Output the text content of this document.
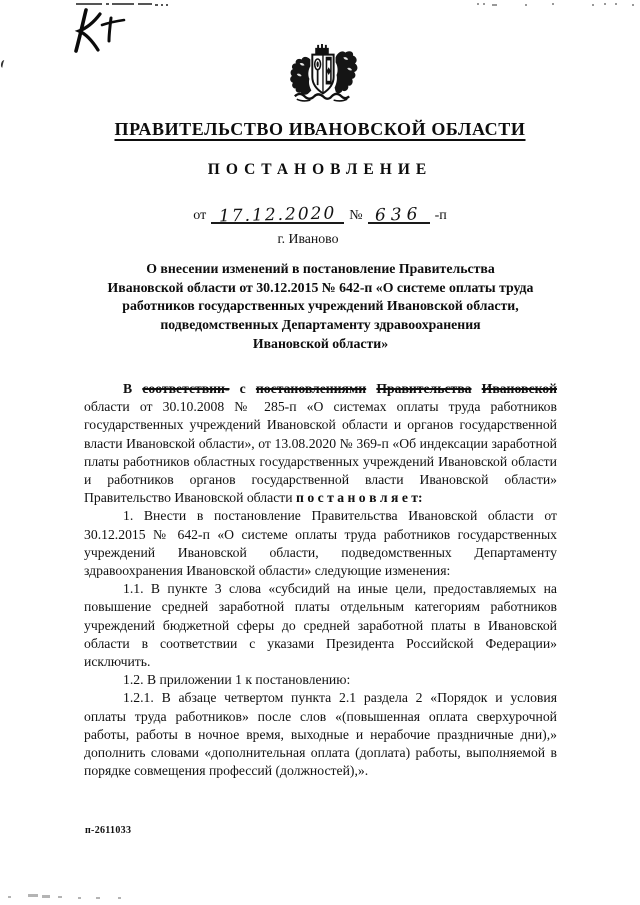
ПРАВИТЕЛЬСТВО ИВАНОВСКОЙ ОБЛАСТИ
ПОСТАНОВЛЕНИЕ
от 17.12.2020 № 636 -п
г. Иваново
О внесении изменений в постановление Правительства
Ивановской области от 30.12.2015 № 642-п «О системе оплаты труда
работников государственных учреждений Ивановской области,
подведомственных Департаменту здравоохранения
Ивановской области»

В соответствии- с постановлениями Правительства Ивановской области от 30.10.2008 № 285-п «О системах оплаты труда работников государственных учреждений Ивановской области и органов государственной власти Ивановской области», от 13.08.2020 № 369-п «Об индексации заработной платы работников областных государственных учреждений Ивановской области и работников органов государственной власти Ивановской области» Правительство Ивановской области п о с т а н о в л я е т:

1. Внести в постановление Правительства Ивановской области от 30.12.2015 № 642-п «О системе оплаты труда работников государственных учреждений Ивановской области, подведомственных Департаменту здравоохранения Ивановской области» следующие изменения:

1.1. В пункте 3 слова «субсидий на иные цели, предоставляемых на повышение средней заработной платы отдельным категориям работников учреждений бюджетной сферы до средней заработной платы в Ивановской области в соответствии с указами Президента Российской Федерации» исключить.

1.2. В приложении 1 к постановлению:

1.2.1. В абзаце четвертом пункта 2.1 раздела 2 «Порядок и условия оплаты труда работников» после слов «(повышенная оплата сверхурочной работы, работы в ночное время, выходные и нерабочие праздничные дни),» дополнить словами «дополнительная оплата (доплата) работы, выполняемой в порядке совмещения профессий (должностей),».

п-2611033
